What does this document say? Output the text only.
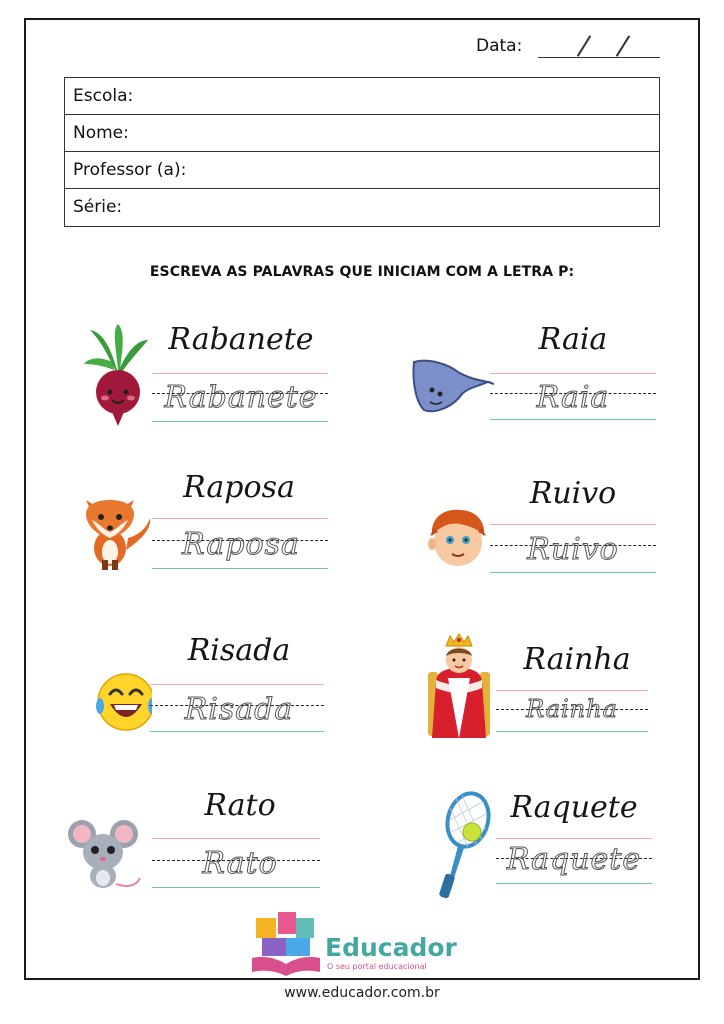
Data:
Escola:
Nome:
Professor (a):
Série:
ESCREVA AS PALAVRAS QUE INICIAM COM A LETRA P:
Rabanete
Rabanete
Raia
Raia
Raposa
Raposa
Ruivo
Ruivo
Risada
Risada
Rainha
Rainha
Rato
Rato
Raquete
Raquete
Educador
O seu portal educacional
www.educador.com.br
